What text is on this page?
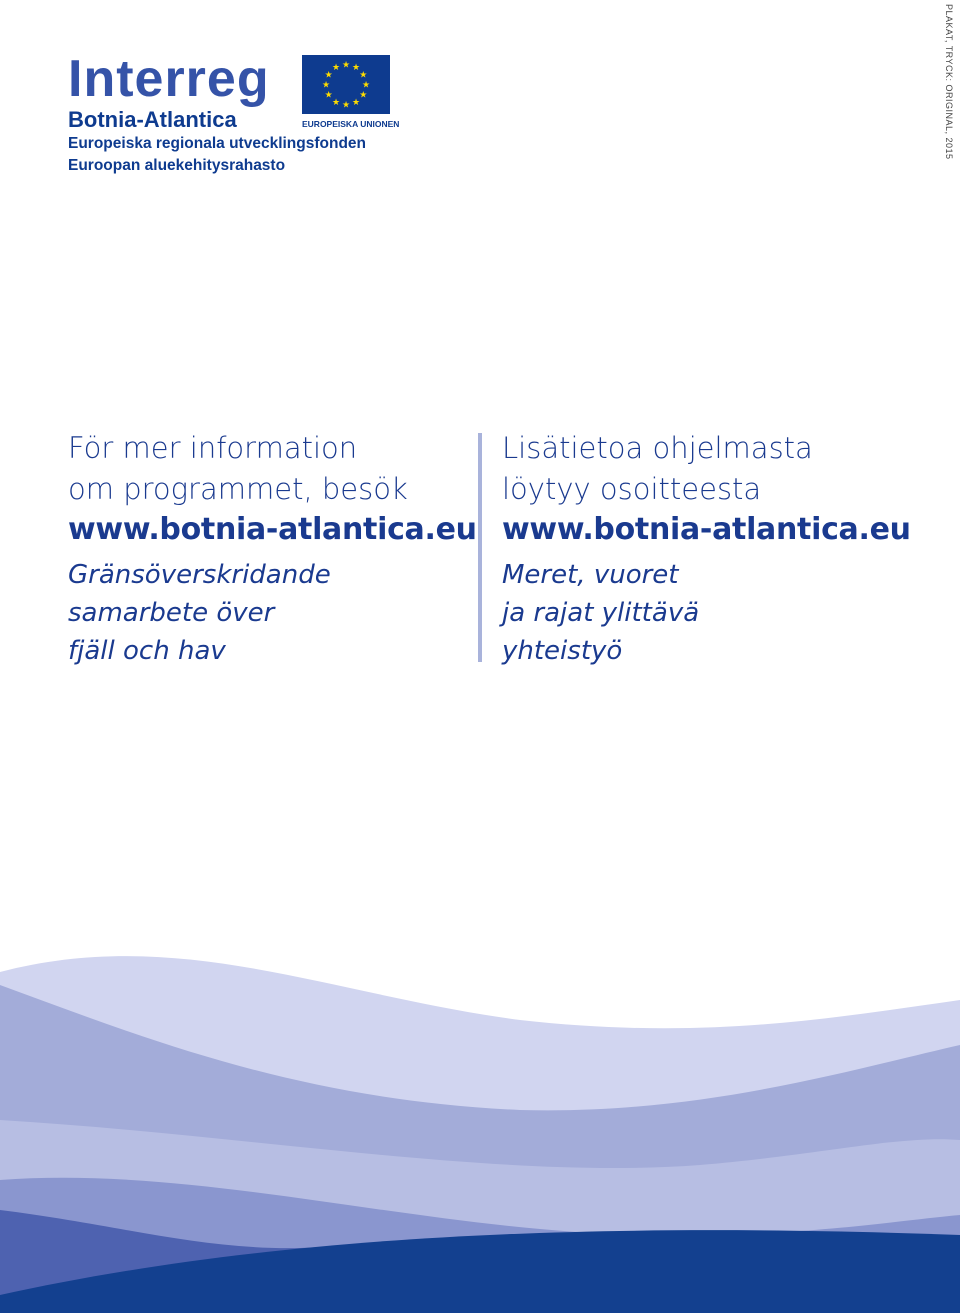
Interreg
Botnia-Atlantica
Europeiska regionala utvecklingsfonden
Euroopan aluekehitysrahasto
★ ★
★
★
★
★
★
★
★
★
★
★
EUROPEISKA UNIONEN	PLAKAT, TRYCK: ORIGINAL, 2015

För mer information

om programmet, besök

www.botnia-atlantica.eu

Gränsöverskridande
samarbete över
fjäll och hav

Lisätietoa ohjelmasta

löytyy osoitteesta

www.botnia-atlantica.eu

Meret, vuoret
ja rajat ylittävä
yhteistyö
